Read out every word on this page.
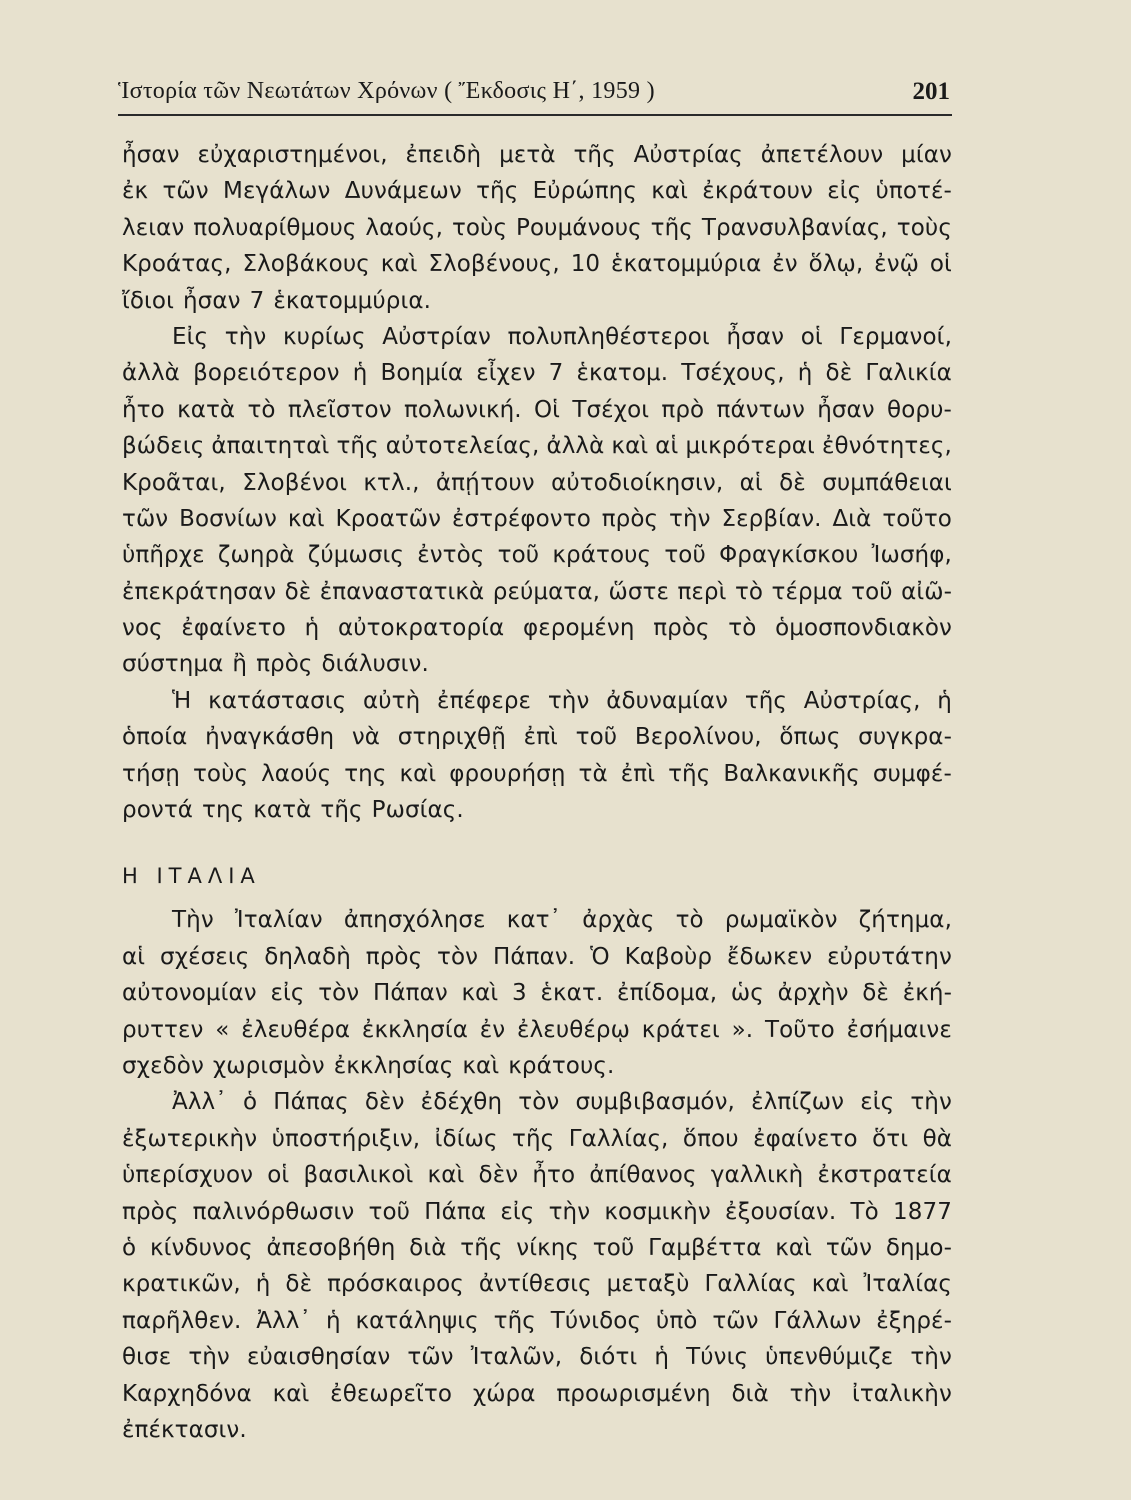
Ἱστορία τῶν Νεωτάτων Χρόνων ( Ἔκδοσις Η΄, 1959 )	201
ἦσαν εὐχαριστημένοι, ἐπειδὴ μετὰ τῆς Αὐστρίας ἀπετέλουν μίαν
ἐκ τῶν Μεγάλων Δυνάμεων τῆς Εὐρώπης καὶ ἐκράτουν εἰς ὑποτέ-
λειαν πολυαρίθμους λαούς, τοὺς Ρουμάνους τῆς Τρανσυλβανίας, τοὺς
Κροάτας, Σλοβάκους καὶ Σλοβένους, 10 ἑκατομμύρια ἐν ὅλῳ, ἐνῷ οἱ
ἴδιοι ἦσαν 7 ἑκατομμύρια.
Εἰς τὴν κυρίως Αὐστρίαν πολυπληθέστεροι ἦσαν οἱ Γερμανοί,
ἀλλὰ βορειότερον ἡ Βοημία εἶχεν 7 ἑκατομ. Τσέχους, ἡ δὲ Γαλικία
ἦτο κατὰ τὸ πλεῖστον πολωνική. Οἱ Τσέχοι πρὸ πάντων ἦσαν θορυ-
βώδεις ἀπαιτηταὶ τῆς αὐτοτελείας, ἀλλὰ καὶ αἱ μικρότεραι ἐθνότητες,
Κροᾶται, Σλοβένοι κτλ., ἀπῄτουν αὐτοδιοίκησιν, αἱ δὲ συμπάθειαι
τῶν Βοσνίων καὶ Κροατῶν ἐστρέφοντο πρὸς τὴν Σερβίαν. Διὰ τοῦτο
ὑπῆρχε ζωηρὰ ζύμωσις ἐντὸς τοῦ κράτους τοῦ Φραγκίσκου Ἰωσήφ,
ἐπεκράτησαν δὲ ἐπαναστατικὰ ρεύματα, ὥστε περὶ τὸ τέρμα τοῦ αἰῶ-
νος ἐφαίνετο ἡ αὐτοκρατορία φερομένη πρὸς τὸ ὁμοσπονδιακὸν
σύστημα ἢ πρὸς διάλυσιν.
Ἡ κατάστασις αὐτὴ ἐπέφερε τὴν ἀδυναμίαν τῆς Αὐστρίας, ἡ
ὁποία ἠναγκάσθη νὰ στηριχθῇ ἐπὶ τοῦ Βερολίνου, ὅπως συγκρα-
τήσῃ τοὺς λαούς της καὶ φρουρήσῃ τὰ ἐπὶ τῆς Βαλκανικῆς συμφέ-
ροντά της κατὰ τῆς Ρωσίας.
Η ΙΤΑΛΙΑ
Τὴν Ἰταλίαν ἀπησχόλησε κατ᾿ ἀρχὰς τὸ ρωμαϊκὸν ζήτημα,
αἱ σχέσεις δηλαδὴ πρὸς τὸν Πάπαν. Ὁ Καβοὺρ ἔδωκεν εὐρυτάτην
αὐτονομίαν εἰς τὸν Πάπαν καὶ 3 ἑκατ. ἐπίδομα, ὡς ἀρχὴν δὲ ἐκή-
ρυττεν « ἐλευθέρα ἐκκλησία ἐν ἐλευθέρῳ κράτει ». Τοῦτο ἐσήμαινε
σχεδὸν χωρισμὸν ἐκκλησίας καὶ κράτους.
Ἀλλ᾿ ὁ Πάπας δὲν ἐδέχθη τὸν συμβιβασμόν, ἐλπίζων εἰς τὴν
ἐξωτερικὴν ὑποστήριξιν, ἰδίως τῆς Γαλλίας, ὅπου ἐφαίνετο ὅτι θὰ
ὑπερίσχυον οἱ βασιλικοὶ καὶ δὲν ἦτο ἀπίθανος γαλλικὴ ἐκστρατεία
πρὸς παλινόρθωσιν τοῦ Πάπα εἰς τὴν κοσμικὴν ἐξουσίαν. Τὸ 1877
ὁ κίνδυνος ἀπεσοβήθη διὰ τῆς νίκης τοῦ Γαμβέττα καὶ τῶν δημο-
κρατικῶν, ἡ δὲ πρόσκαιρος ἀντίθεσις μεταξὺ Γαλλίας καὶ Ἰταλίας
παρῆλθεν. Ἀλλ᾿ ἡ κατάληψις τῆς Τύνιδος ὑπὸ τῶν Γάλλων ἐξηρέ-
θισε τὴν εὐαισθησίαν τῶν Ἰταλῶν, διότι ἡ Τύνις ὑπενθύμιζε τὴν
Καρχηδόνα καὶ ἐθεωρεῖτο χώρα προωρισμένη διὰ τὴν ἰταλικὴν
ἐπέκτασιν.
